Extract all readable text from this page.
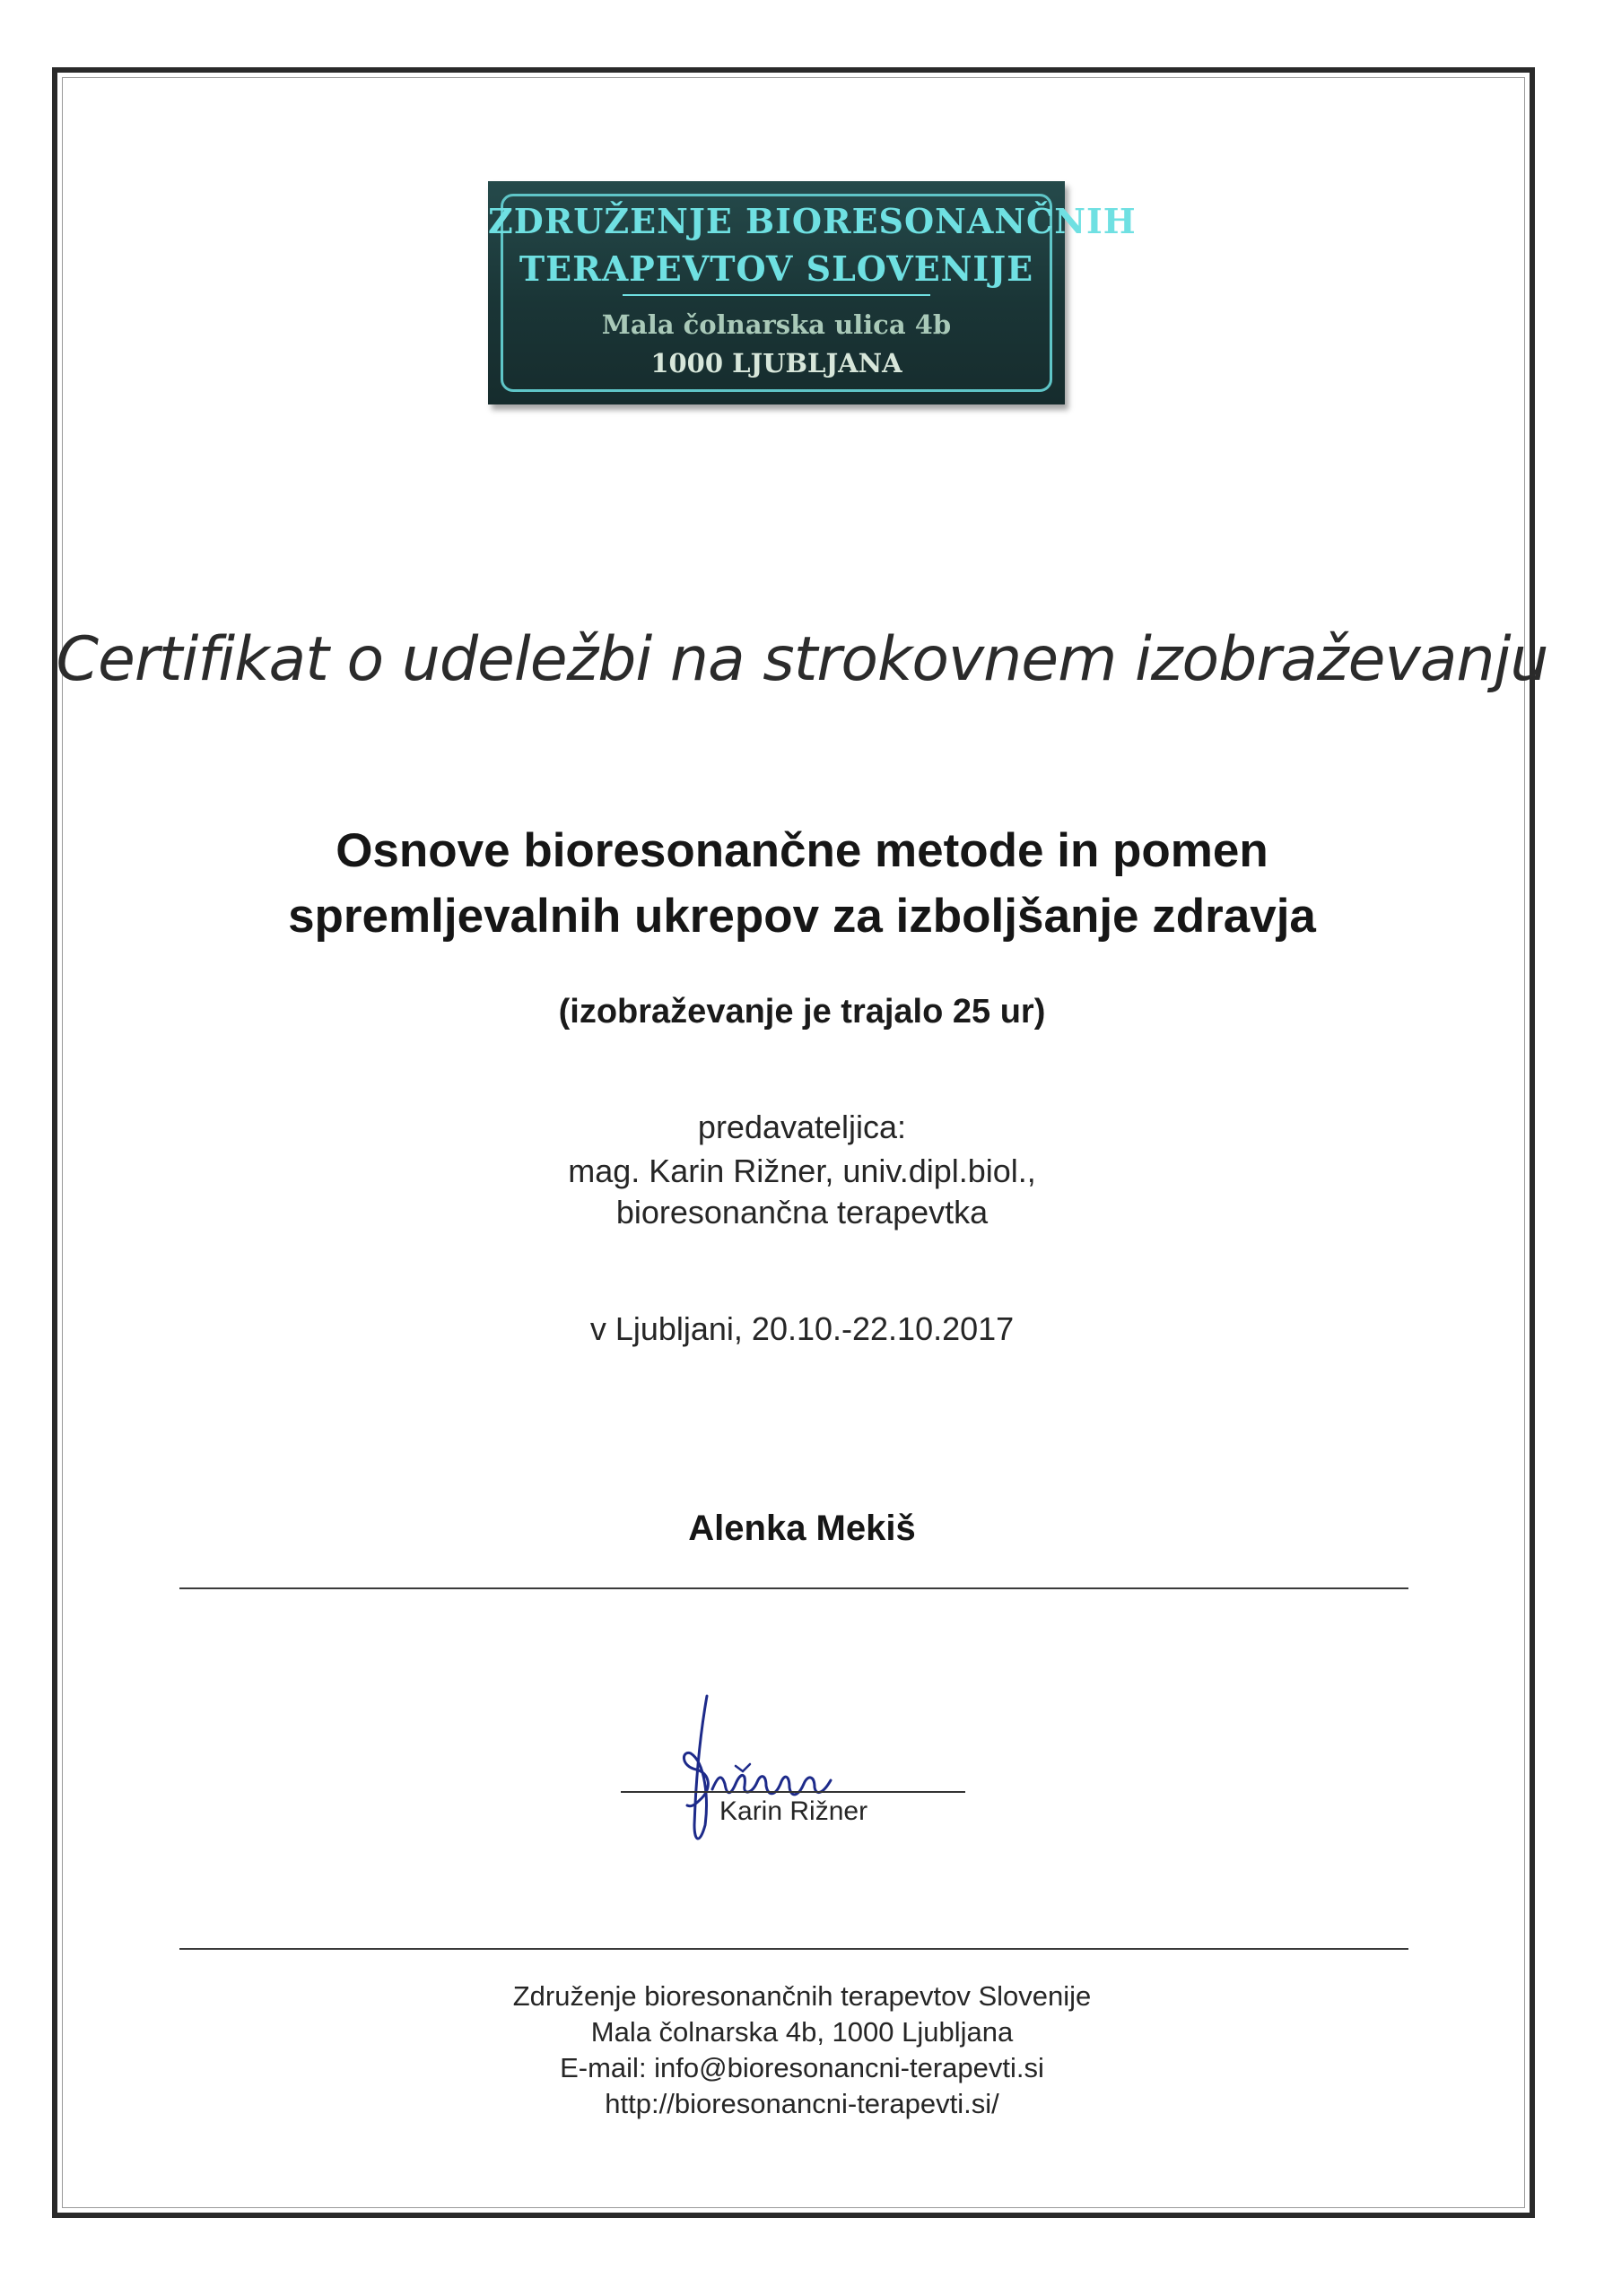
ZDRUŽENJE BIORESONANČNIH
TERAPEVTOV SLOVENIJE
Mala čolnarska ulica 4b
1000 LJUBLJANA
Certifikat o udeležbi na strokovnem izobraževanju
Osnove bioresonančne metode in pomen
spremljevalnih ukrepov za izboljšanje zdravja
(izobraževanje je trajalo 25 ur)
predavateljica:
mag. Karin Rižner, univ.dipl.biol.,
bioresonančna terapevtka
v Ljubljani, 20.10.-22.10.2017
Alenka Mekiš
Karin Rižner
Združenje bioresonančnih terapevtov Slovenije
Mala čolnarska 4b, 1000 Ljubljana
E-mail: info@bioresonancni-terapevti.si
http://bioresonancni-terapevti.si/
